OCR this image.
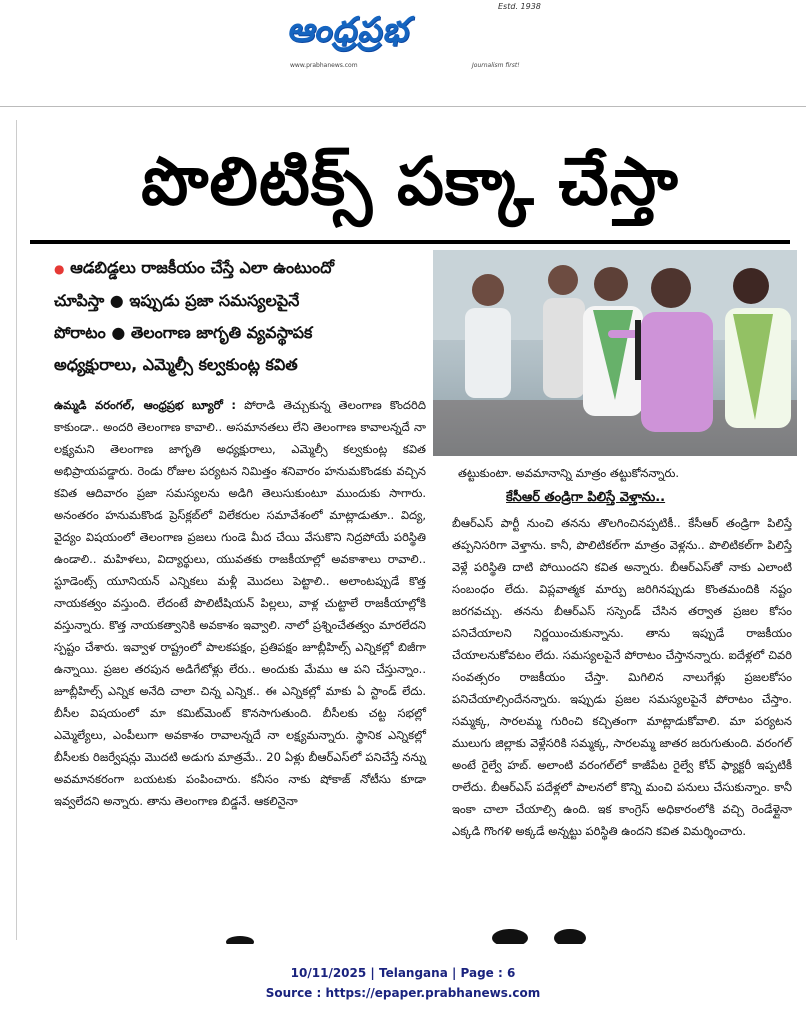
ఆంధ్రప్రభ
Estd. 1938
www.prabhanews.com	Journalism first!
పొలిటిక్స్ పక్కా చేస్తా
● ఆడబిడ్డలు రాజకీయం చేస్తే ఎలా ఉంటుందో
చూపిస్తా ● ఇప్పుడు ప్రజా సమస్యలపైనే
పోరాటం ● తెలంగాణ జాగృతి వ్యవస్థాపక
అధ్యక్షురాలు, ఎమ్మెల్సీ కల్వకుంట్ల కవిత

ఉమ్మడి వరంగల్, ఆంధ్రప్రభ బ్యూరో : పోరాడి తెచ్చుకున్న తెలంగాణ కొందరిది కాకుండా.. అందరి తెలంగాణ కావాలి.. అసమానతలు లేని తెలంగాణ కావాలన్నదే నా లక్ష్యమని తెలంగాణ జాగృతి అధ్యక్షురాలు, ఎమ్మెల్సీ కల్వకుంట్ల కవిత అభిప్రాయపడ్డారు. రెండు రోజుల పర్యటన నిమిత్తం శనివారం హనుమకొండకు వచ్చిన కవిత ఆదివారం ప్రజా సమస్యలను అడిగి తెలుసుకుంటూ ముందుకు సాగారు. అనంతరం హనుమకొండ ప్రెస్‌క్లబ్‌లో విలేకరుల సమావేశంలో మాట్లాడుతూ.. విద్య, వైద్యం విషయంలో తెలంగాణ ప్రజలు గుండె మీద చేయి వేసుకొని నిద్రపోయే పరిస్థితి ఉండాలి.. మహిళలు, విద్యార్థులు, యువతకు రాజకీయాల్లో అవకాశాలు రావాలి.. స్టూడెంట్స్ యూనియన్ ఎన్నికలు మళ్లీ మొదలు పెట్టాలి.. అలాంటప్పుడే కొత్త నాయకత్వం వస్తుంది. లేదంటే పొలిటీషియన్ పిల్లలు, వాళ్ల చుట్టాలే రాజకీయాల్లోకి వస్తున్నారు. కొత్త నాయకత్వానికి అవకాశం ఇవ్వాలి. నాలో ప్రశ్నించేతత్వం మారలేదని స్పష్టం చేశారు. ఇవ్వాళ రాష్ట్రంలో పాలకపక్షం, ప్రతిపక్షం జూబ్లీహిల్స్ ఎన్నికల్లో బిజీగా ఉన్నాయి. ప్రజల తరపున అడిగేటోళ్లు లేరు.. అందుకు మేము ఆ పని చేస్తున్నాం.. జూబ్లీహిల్స్ ఎన్నిక అనేది చాలా చిన్న ఎన్నిక.. ఈ ఎన్నికల్లో మాకు ఏ స్టాండ్ లేదు. బీసీల విషయంలో మా కమిట్‌మెంట్ కొనసాగుతుంది. బీసీలకు చట్ట సభల్లో ఎమ్మెల్యేలు, ఎంపీలుగా అవకాశం రావాలన్నదే నా లక్ష్యమన్నారు. స్థానిక ఎన్నికల్లో బీసీలకు రిజర్వేషన్లు మొదటి అడుగు మాత్రమే.. 20 ఏళ్లు బీఆర్‌ఎస్‌లో పనిచేస్తే నన్ను అవమానకరంగా బయటకు పంపించారు. కనీసం నాకు షోకాజ్ నోటీసు కూడా ఇవ్వలేదని అన్నారు. తాను తెలంగాణ బిడ్డనే. ఆకలినైనా

తట్టుకుంటా. అవమానాన్ని మాత్రం తట్టుకోనన్నారు.
కేసీఆర్ తండ్రిగా పిలిస్తే వెళ్తాను..

బీఆర్ఎస్ పార్టీ నుంచి తనను తొలగించినప్పటికీ.. కేసీఆర్ తండ్రిగా పిలిస్తే తప్పనిసరిగా వెళ్తాను. కానీ, పొలిటికల్‌గా మాత్రం వెళ్లను.. పొలిటికల్‌గా పిలిస్తే వెళ్లే పరిస్థితి దాటి పోయిందని కవిత అన్నారు. బీఆర్ఎస్‌తో నాకు ఎలాంటి సంబంధం లేదు. విప్లవాత్మక మార్పు జరిగినప్పుడు కొంతమందికి నష్టం జరగవచ్చు. తనను బీఆర్ఎస్ సస్పెండ్ చేసిన తర్వాత ప్రజల కోసం పనిచేయాలని నిర్ణయించుకున్నాను. తాను ఇప్పుడే రాజకీయం చేయాలనుకోవటం లేదు. సమస్యలపైనే పోరాటం చేస్తానన్నారు. ఐదేళ్లలో చివరి సంవత్సరం రాజకీయం చేస్తా. మిగిలిన నాలుగేళ్లు ప్రజలకోసం పనిచేయాల్సిందేనన్నారు. ఇప్పుడు ప్రజల సమస్యలపైనే పోరాటం చేస్తాం. సమ్మక్క, సారలమ్మ గురించి కచ్చితంగా మాట్లాడుకోవాలి. మా పర్యటన ములుగు జిల్లాకు వెళ్లేసరికి సమ్మక్క, సారలమ్మ జాతర జరుగుతుంది. వరంగల్ అంటే రైల్వే హబ్. అలాంటి వరంగల్‌లో కాజీపేట రైల్వే కోచ్ ఫ్యాక్టరీ ఇప్పటికీ రాలేదు. బీఆర్ఎస్ పదేళ్లలో పాలనలో కొన్ని మంచి పనులు చేసుకున్నాం. కానీ ఇంకా చాలా చేయాల్సి ఉంది. ఇక కాంగ్రెస్ అధికారంలోకి వచ్చి రెండేళ్లైనా ఎక్కడి గొంగళి అక్కడే అన్నట్టు పరిస్థితి ఉందని కవిత విమర్శించారు.

10/11/2025 | Telangana | Page : 6
Source : https://epaper.prabhanews.com
